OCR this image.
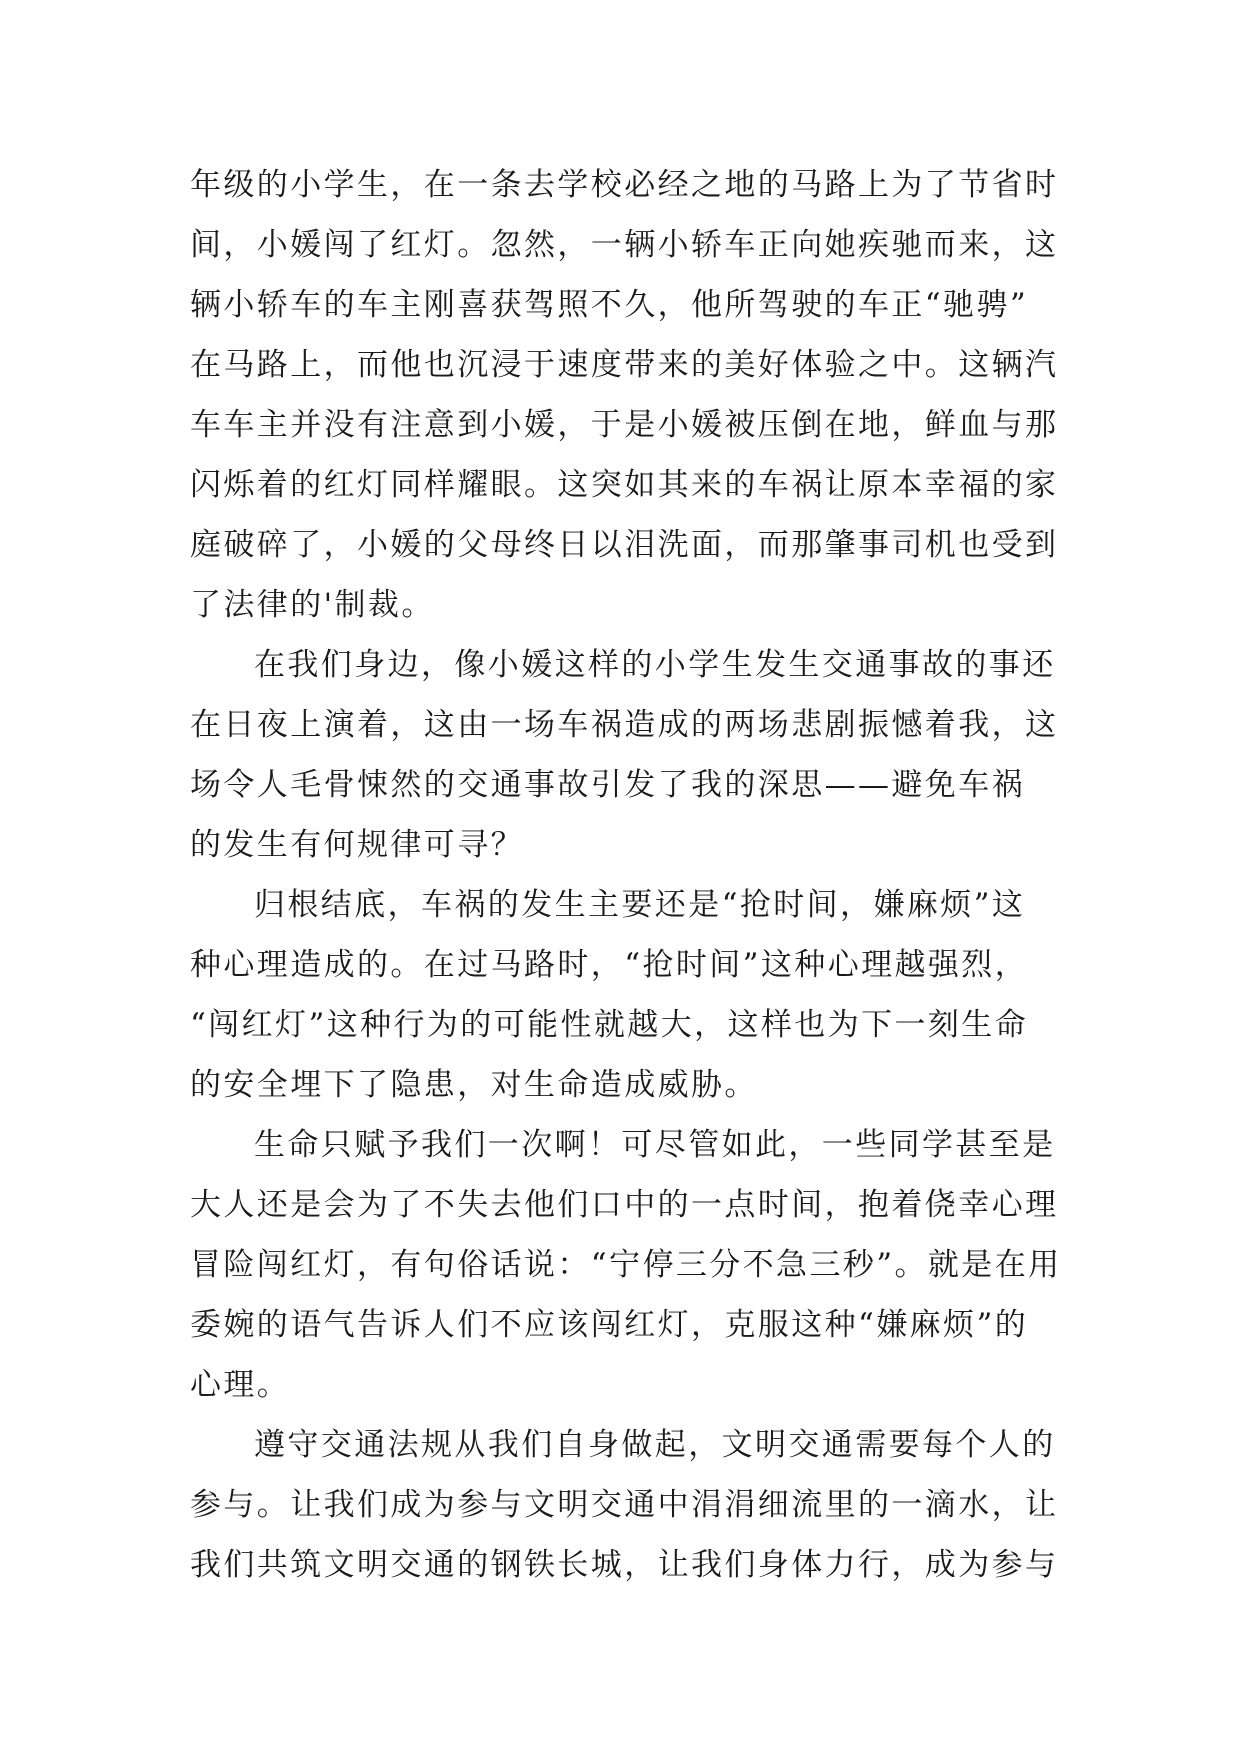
年级的小学生，在一条去学校必经之地的马路上为了节省时
间，小媛闯了红灯。忽然，一辆小轿车正向她疾驰而来，这
辆小轿车的车主刚喜获驾照不久，他所驾驶的车正“驰骋”
在马路上，而他也沉浸于速度带来的美好体验之中。这辆汽
车车主并没有注意到小媛，于是小媛被压倒在地，鲜血与那
闪烁着的红灯同样耀眼。这突如其来的车祸让原本幸福的家
庭破碎了，小媛的父母终日以泪洗面，而那肇事司机也受到
了法律的'制裁。
在我们身边，像小媛这样的小学生发生交通事故的事还
在日夜上演着，这由一场车祸造成的两场悲剧振憾着我，这
场令人毛骨悚然的交通事故引发了我的深思——避免车祸
的发生有何规律可寻？
归根结底，车祸的发生主要还是“抢时间，嫌麻烦”这
种心理造成的。在过马路时，“抢时间”这种心理越强烈，
“闯红灯”这种行为的可能性就越大，这样也为下一刻生命
的安全埋下了隐患，对生命造成威胁。
生命只赋予我们一次啊！可尽管如此，一些同学甚至是
大人还是会为了不失去他们口中的一点时间，抱着侥幸心理
冒险闯红灯，有句俗话说：“宁停三分不急三秒”。就是在用
委婉的语气告诉人们不应该闯红灯，克服这种“嫌麻烦”的
心理。
遵守交通法规从我们自身做起，文明交通需要每个人的
参与。让我们成为参与文明交通中涓涓细流里的一滴水，让
我们共筑文明交通的钢铁长城，让我们身体力行，成为参与
